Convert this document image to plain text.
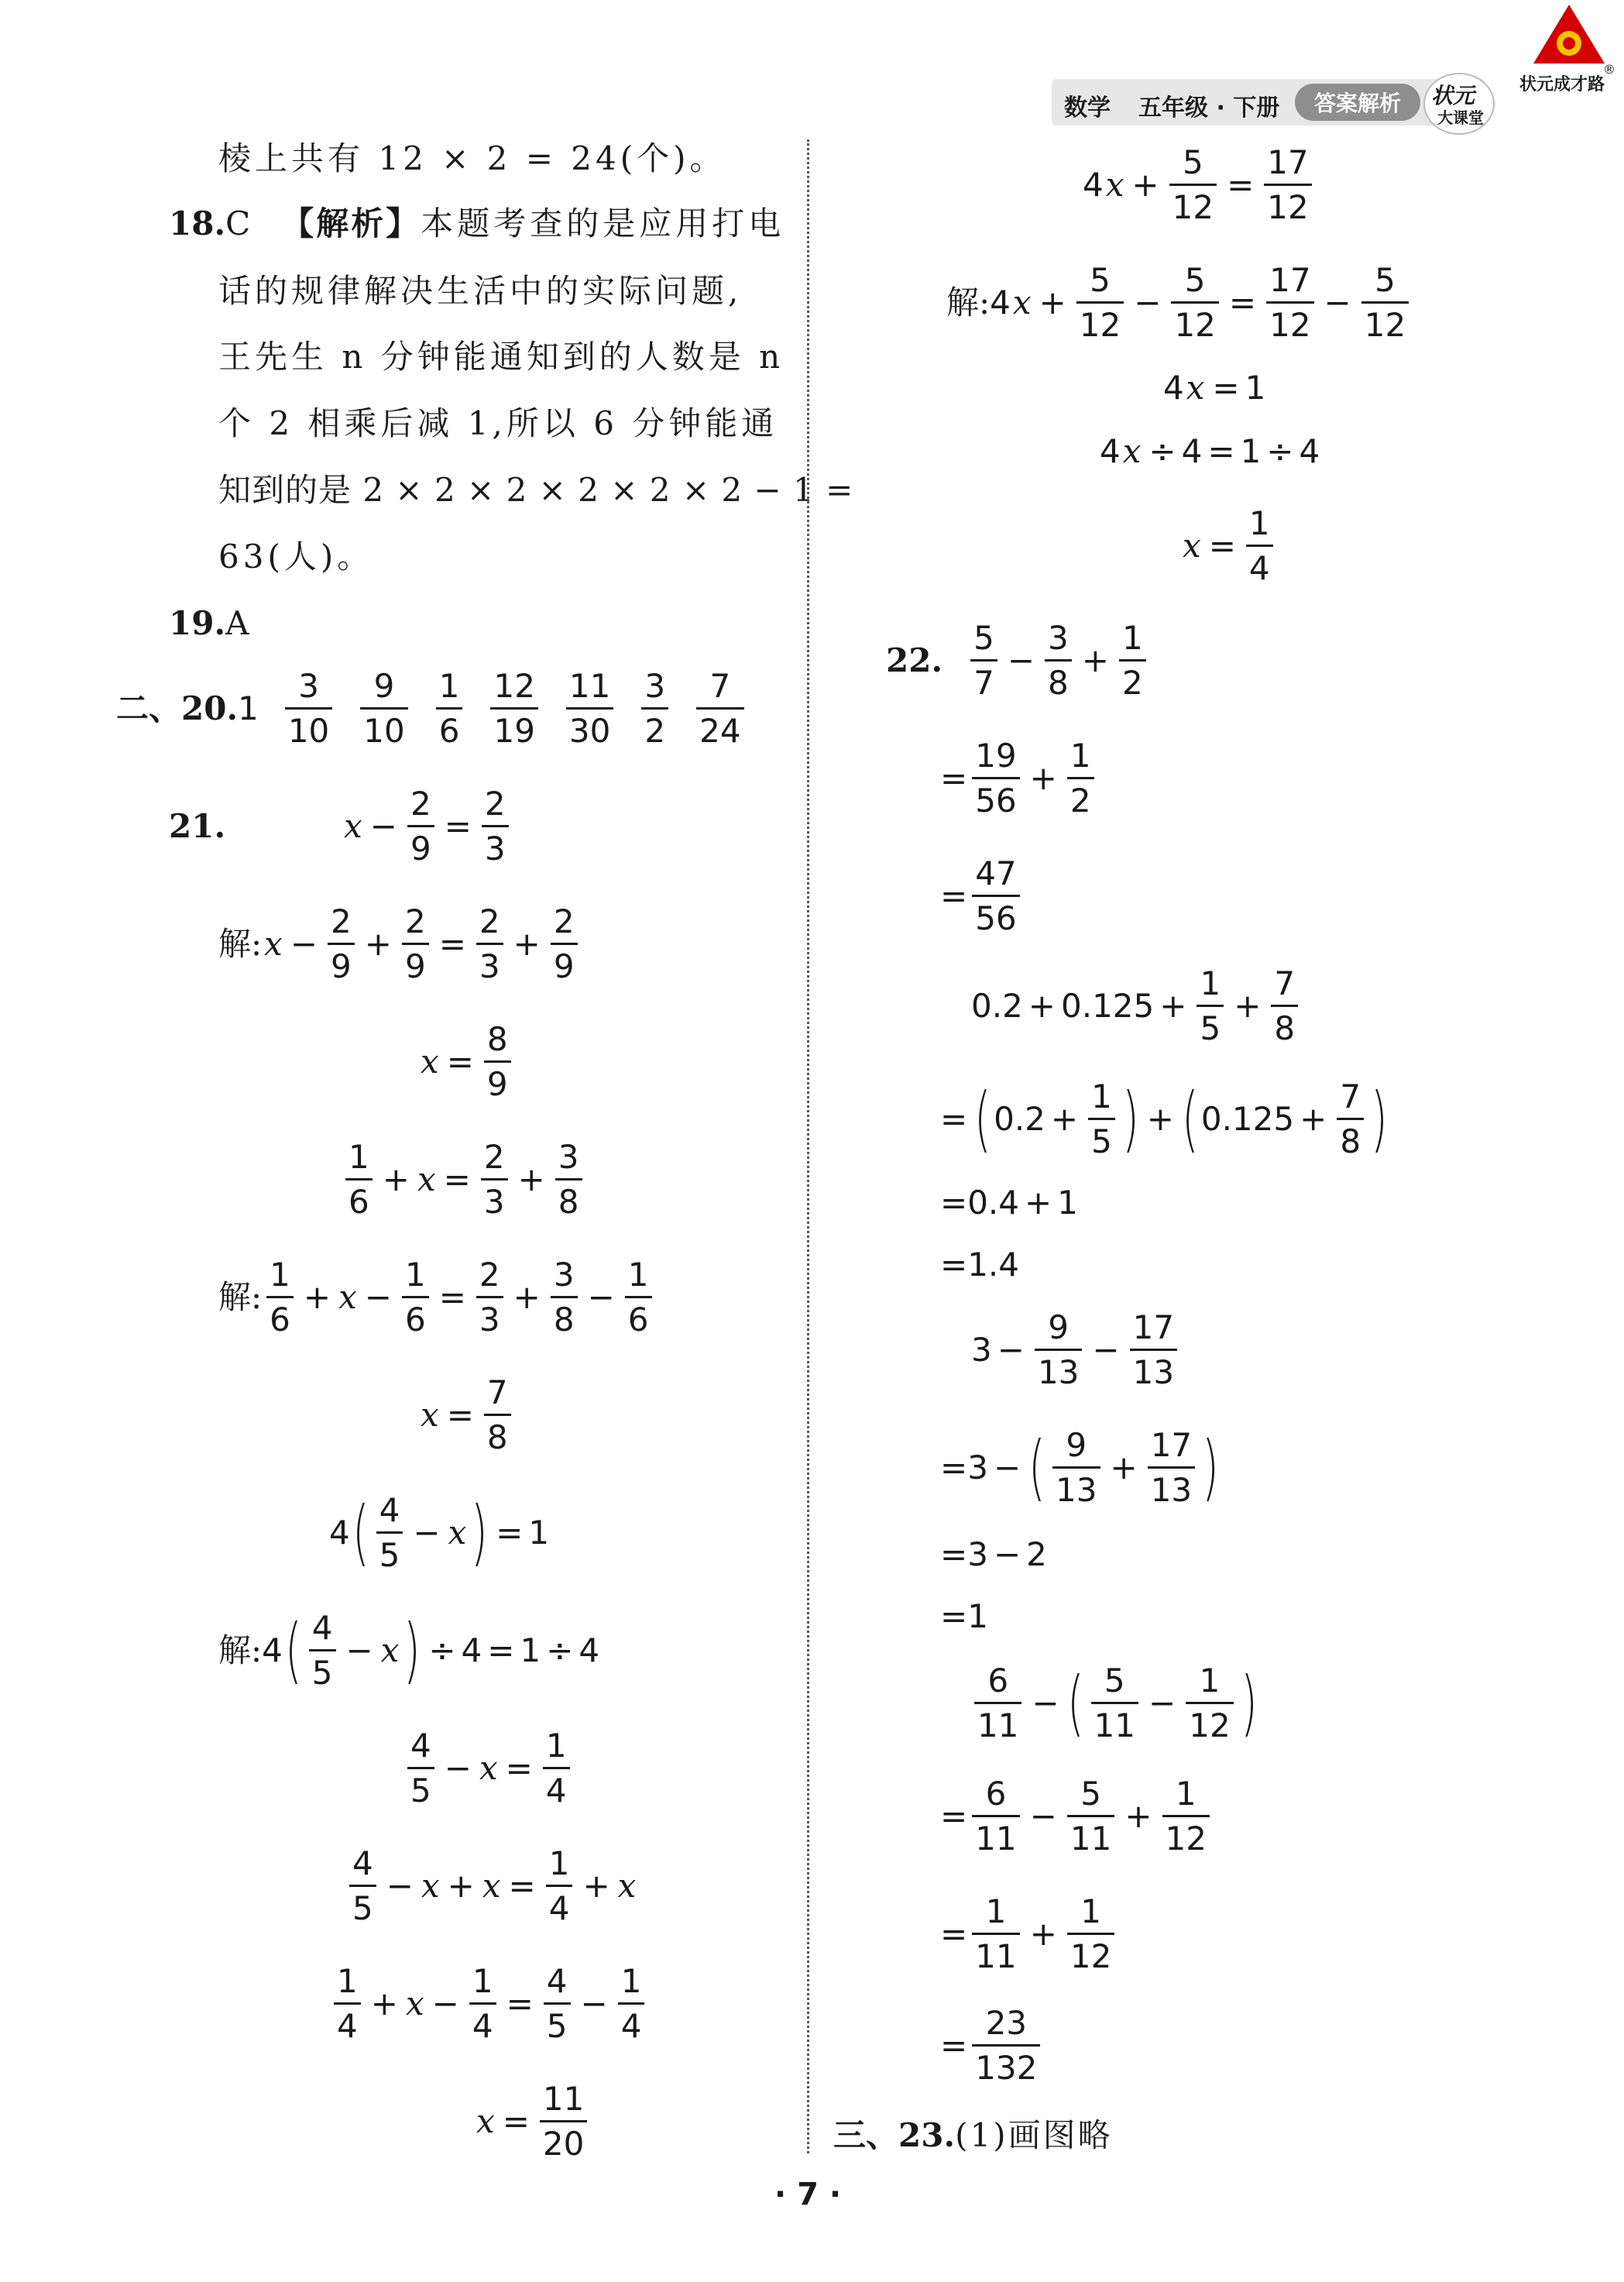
状元成才路
®
数学 五年级 · 下册	答案解析	状元
大课堂
棱上共有 12 × 2 = 24(个)。
18. C 【解析】 本题考查的是应用打电
话的规律解决生活中的实际问题,
王先生 n 分钟能通知到的人数是 n
个 2 相乘后减 1,所以 6 分钟能通
知到的是 2 × 2 × 2 × 2 × 2 × 2 − 1 =
63(人)。
19. A
二、 20. 1
3
10
9
10
1
6
12
19
11
30
3
2
7
24
21.	$x - \frac{2}{9} = \frac{2}{3}$
解: $x - \frac{2}{9} + \frac{2}{9} = \frac{2}{3} + \frac{2}{9}$
$x = \frac{8}{9}$
1
6
+ $x = \frac{2}{3} + \frac{3}{8}$
解:
1
6
+ $x - \frac{1}{6} = \frac{2}{3} + \frac{3}{8} - \frac{1}{6}$
$x = \frac{7}{8}$
4 ( 4
5
− x ) = 1
解: 4 ( 4
5
− x ) ÷ 4 = 1 ÷ 4
4
5
− $x = \frac{1}{4}$
4
5
− $x + x = \frac{1}{4} + x$
1
4
+ $x - \frac{1}{4} = \frac{4}{5} - \frac{1}{4}$
$x = \frac{11}{20}$
4 $x + \frac{5}{12} = \frac{17}{12}$
解: 4 $x + \frac{5}{12} - \frac{5}{12} = \frac{17}{12} - \frac{5}{12}$
4 x = 1
4 x ÷ 4 = 1 ÷ 4
$x = \frac{1}{4}$
22.
5
7
− $\frac{3}{8} + \frac{1}{2}$
= $\frac{19}{56} + \frac{1}{2}$
= $\frac{47}{56}$
$0.2 + 0.125 + \frac{1}{5} + \frac{7}{8}$
= ( $0.2 + \frac{1}{5}$ ) + ( $0.125 + \frac{7}{8}$ )
= 0.4 + 1
= 1.4
$3 - \frac{9}{13} - \frac{17}{13}$
= 3 − ( 9
13
+ $\frac{17}{13}$ )
= 3 − 2
= 1
6
11
− ( 5
11
− $\frac{1}{12}$ )
= $\frac{6}{11} - \frac{5}{11} + \frac{1}{12}$
= $\frac{1}{11} + \frac{1}{12}$
= $\frac{23}{132}$
三、 23. (1)画图略
· 7 ·
